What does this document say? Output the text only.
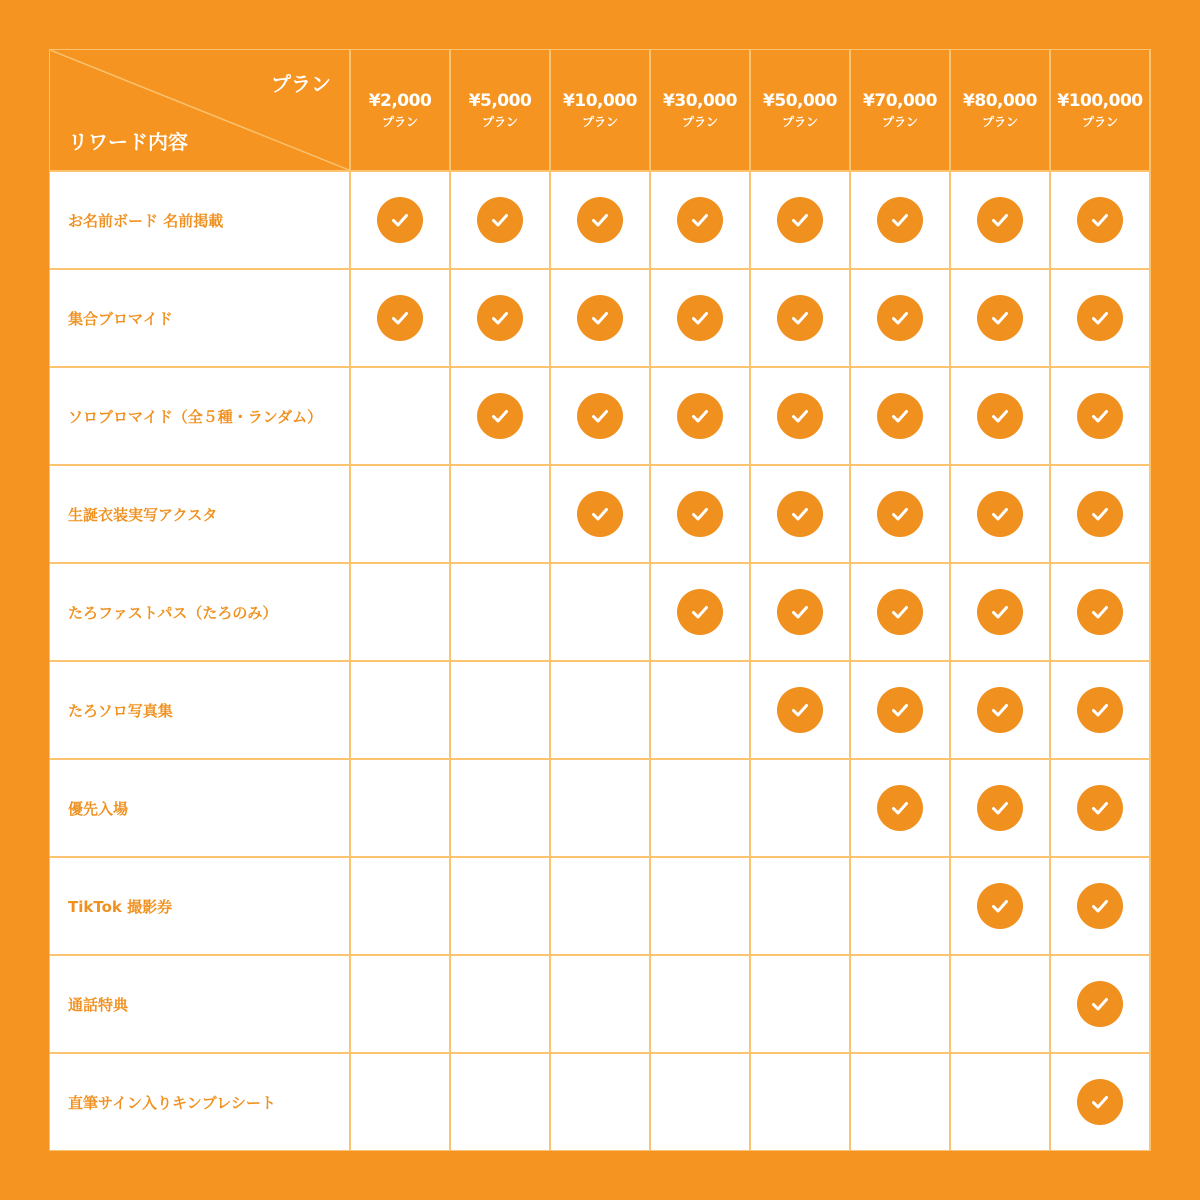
プラン
リワード内容
¥2,000
プラン
¥5,000
プラン
¥10,000
プラン
¥30,000
プラン
¥50,000
プラン
¥70,000
プラン
¥80,000
プラン
¥100,000
プラン
お名前ボード 名前掲載
集合ブロマイド
ソロブロマイド（全５種・ランダム）
生誕衣装実写アクスタ
たろファストパス（たろのみ）
たろソロ写真集
優先入場
TikTok 撮影券
通話特典
直筆サイン入りキンブレシート
